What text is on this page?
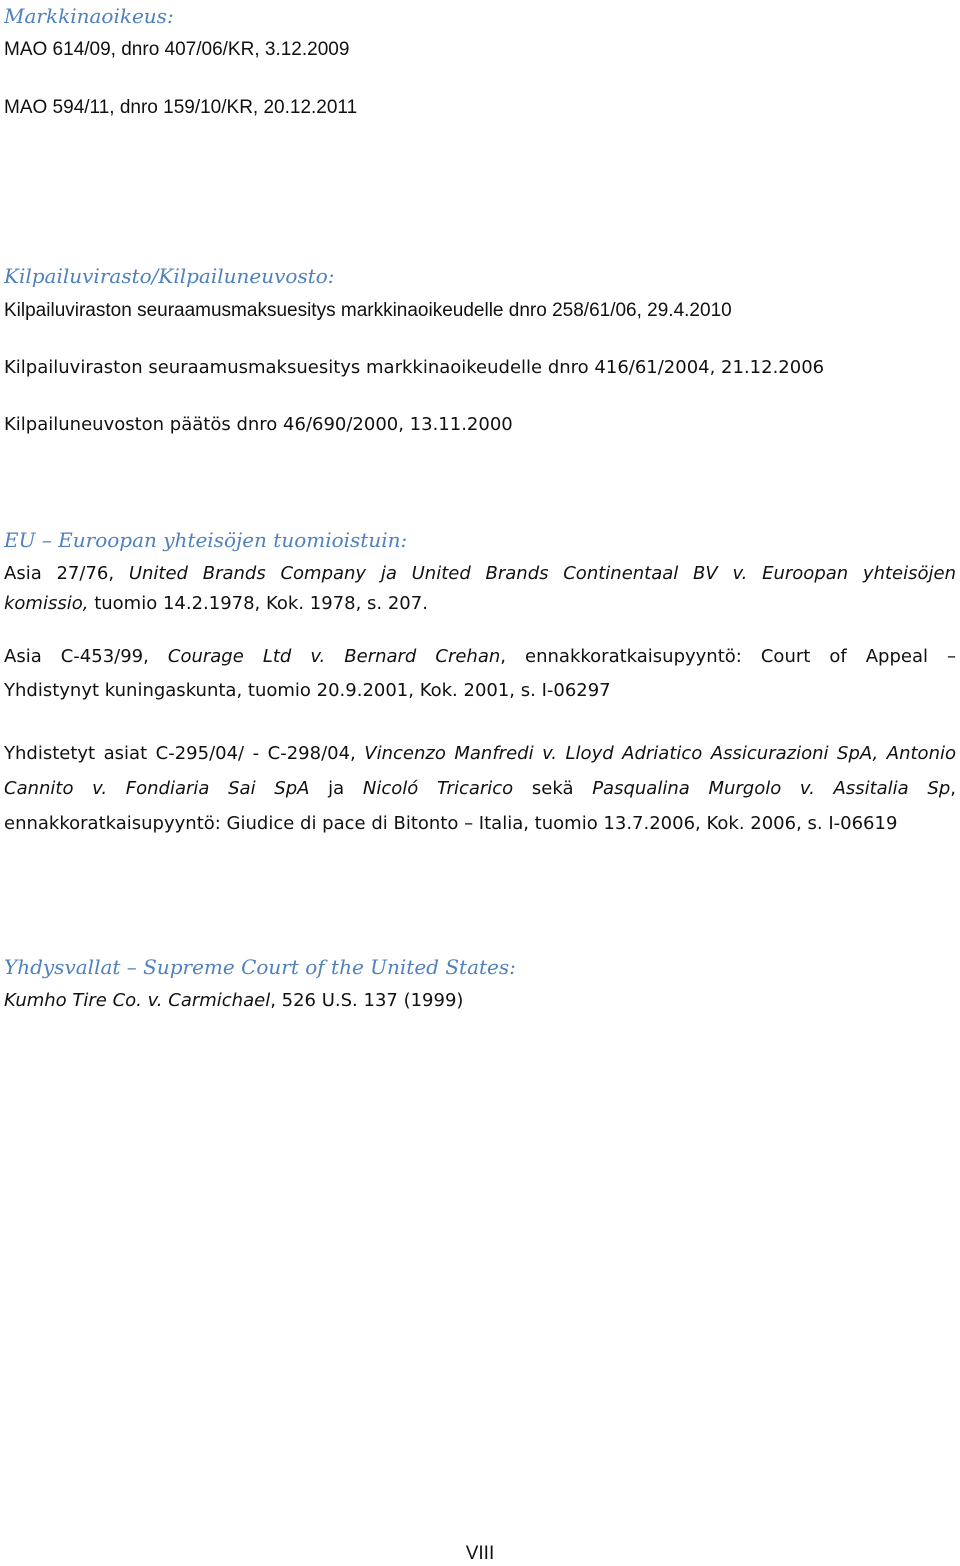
Markkinaoikeus:
MAO 614/09, dnro 407/06/KR, 3.12.2009
MAO 594/11, dnro 159/10/KR, 20.12.2011
Kilpailuvirasto/Kilpailuneuvosto:
Kilpailuviraston seuraamusmaksuesitys markkinaoikeudelle dnro 258/61/06, 29.4.2010
Kilpailuviraston seuraamusmaksuesitys markkinaoikeudelle dnro 416/61/2004, 21.12.2006
Kilpailuneuvoston päätös dnro 46/690/2000, 13.11.2000
EU – Euroopan yhteisöjen tuomioistuin:
Asia 27/76, United Brands Company ja United Brands Continentaal BV v. Euroopan yhteisöjen
komissio, tuomio 14.2.1978, Kok. 1978, s. 207.
Asia C-453/99, Courage Ltd v. Bernard Crehan, ennakkoratkaisupyyntö: Court of Appeal –
Yhdistynyt kuningaskunta, tuomio 20.9.2001, Kok. 2001, s. I-06297
Yhdistetyt asiat C-295/04/ - C-298/04, Vincenzo Manfredi v. Lloyd Adriatico Assicurazioni SpA, Antonio Cannito v. Fondiaria Sai SpA ja Nicoló Tricarico sekä Pasqualina Murgolo v. Assitalia Sp, ennakkoratkaisupyyntö: Giudice di pace di Bitonto – Italia, tuomio 13.7.2006, Kok. 2006, s. I-06619
Yhdysvallat – Supreme Court of the United States:
Kumho Tire Co. v. Carmichael, 526 U.S. 137 (1999)
VIII
